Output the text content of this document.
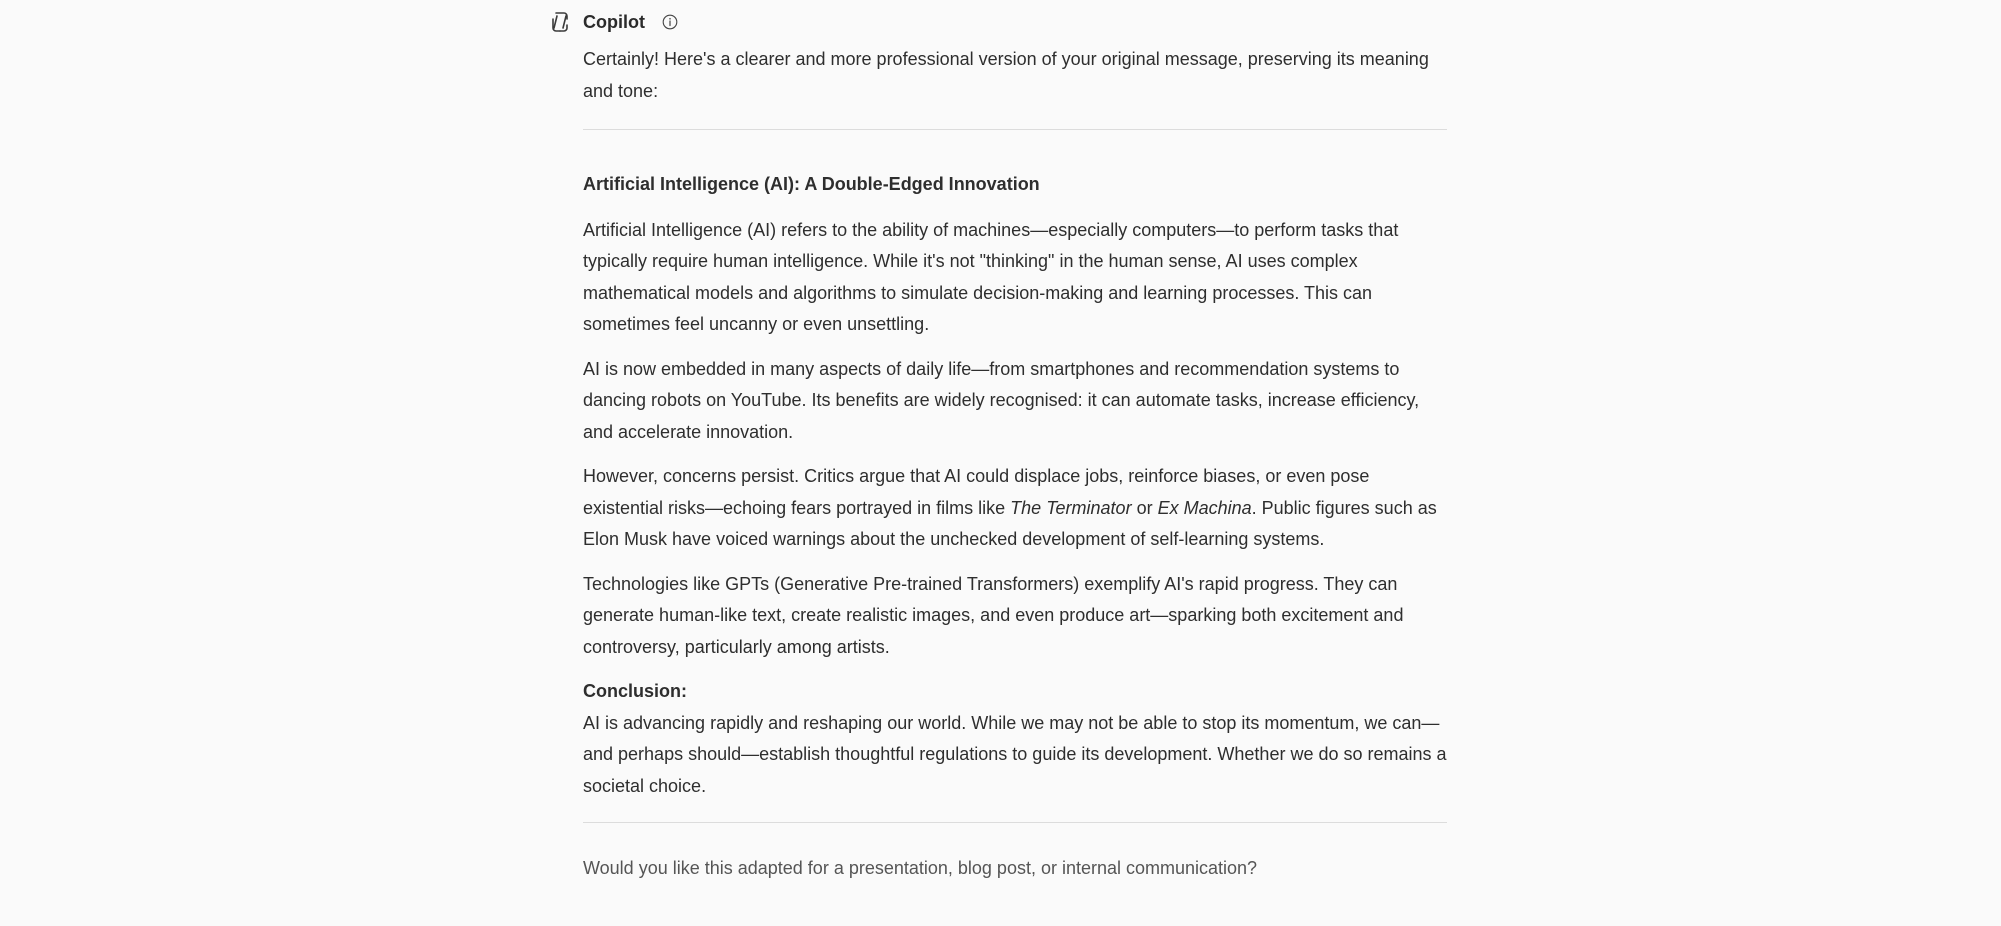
Copilot

Certainly! Here's a clearer and more professional version of your original message, preserving its meaning and tone:

Artificial Intelligence (AI): A Double-Edged Innovation

Artificial Intelligence (AI) refers to the ability of machines—especially computers—to perform tasks that typically require human intelligence. While it's not "thinking" in the human sense, AI uses complex mathematical models and algorithms to simulate decision-making and learning processes. This can sometimes feel uncanny or even unsettling.

AI is now embedded in many aspects of daily life—from smartphones and recommendation systems to dancing robots on YouTube. Its benefits are widely recognised: it can automate tasks, increase efficiency, and accelerate innovation.

However, concerns persist. Critics argue that AI could displace jobs, reinforce biases, or even pose existential risks—echoing fears portrayed in films like The Terminator or Ex Machina. Public figures such as Elon Musk have voiced warnings about the unchecked development of self-learning systems.

Technologies like GPTs (Generative Pre-trained Transformers) exemplify AI's rapid progress. They can generate human-like text, create realistic images, and even produce art—sparking both excitement and controversy, particularly among artists.

Conclusion:

AI is advancing rapidly and reshaping our world. While we may not be able to stop its momentum, we can—and perhaps should—establish thoughtful regulations to guide its development. Whether we do so remains a societal choice.

Would you like this adapted for a presentation, blog post, or internal communication?
